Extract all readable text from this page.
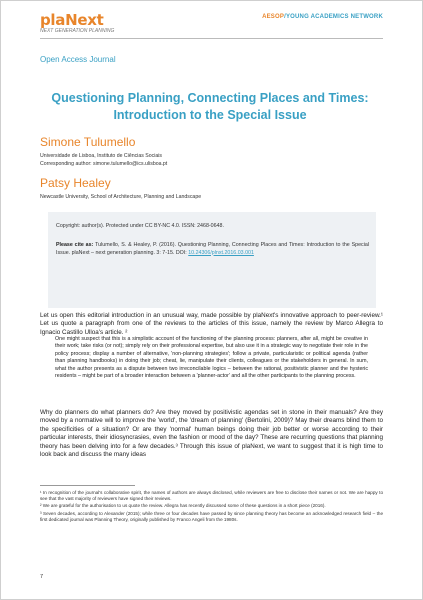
plaNext
NEXT GENERATION PLANNING
AESOP/YOUNG ACADEMICS NETWORK
Open Access Journal
Questioning Planning, Connecting Places and Times: Introduction to the Special Issue
Simone Tulumello
Universidade de Lisboa, Instituto de Ciências Sociais
Corresponding author: simone.tulumello@ics.ulisboa.pt
Patsy Healey
Newcastle University, School of Architecture, Planning and Landscape
Copyright: author(s). Protected under CC BY-NC 4.0. ISSN: 2468-0648.
Please cite as: Tulumello, S. & Healey, P. (2016). Questioning Planning, Connecting Places and Times: Introduction to the Special Issue. plaNext – next generation planning. 3: 7-15. DOI: 10.24306/plnxt.2016.03.001
Let us open this editorial introduction in an unusual way, made possible by plaNext's innovative approach to peer-review.¹ Let us quote a paragraph from one of the reviews to the articles of this issue, namely the review by Marco Allegra to Ignacio Castillo Ulloa's article. ²
One might suspect that this is a simplistic account of the functioning of the planning process: planners, after all, might be creative in their work; take risks (or not); simply rely on their professional expertise, but also use it in a strategic way to negotiate their role in the policy process; display a number of alternative, 'non-planning strategies'; follow a private, particularistic or political agenda (rather than planning handbooks) in doing their job; cheat, lie, manipulate their clients, colleagues or the stakeholders in general. In sum, what the author presents as a dispute between two irreconcilable logics – between the rational, positivistic planner and the hysteric residents – might be part of a broader interaction between a 'planner-actor' and all the other participants to the planning process.
Why do planners do what planners do? Are they moved by positivistic agendas set in stone in their manuals? Are they moved by a normative will to improve the 'world', the 'dream of planning' (Bertolini, 2009)? May their dreams blind them to the specificities of a situation? Or are they 'normal' human beings doing their job better or worse according to their particular interests, their idiosyncrasies, even the fashion or mood of the day? These are recurring questions that planning theory has been delving into for a few decades.³ Through this issue of plaNext, we want to suggest that it is high time to look back and discuss the many ideas
¹ In recognition of the journal's collaborative spirit, the names of authors are always disclosed, while reviewers are free to disclose their names or not. We are happy to see that the vast majority of reviewers have signed their reviews.
² We are grateful for the authorisation to us quote the review. Allegra has recently discussed some of these questions in a short piece (2016).
³ Seven decades, according to Alexander (2015); while three or four decades have passed by since planning theory has become an acknowledged research field – the first dedicated journal was Planning Theory, originally published by Franco Angeli from the 1980s.
7
